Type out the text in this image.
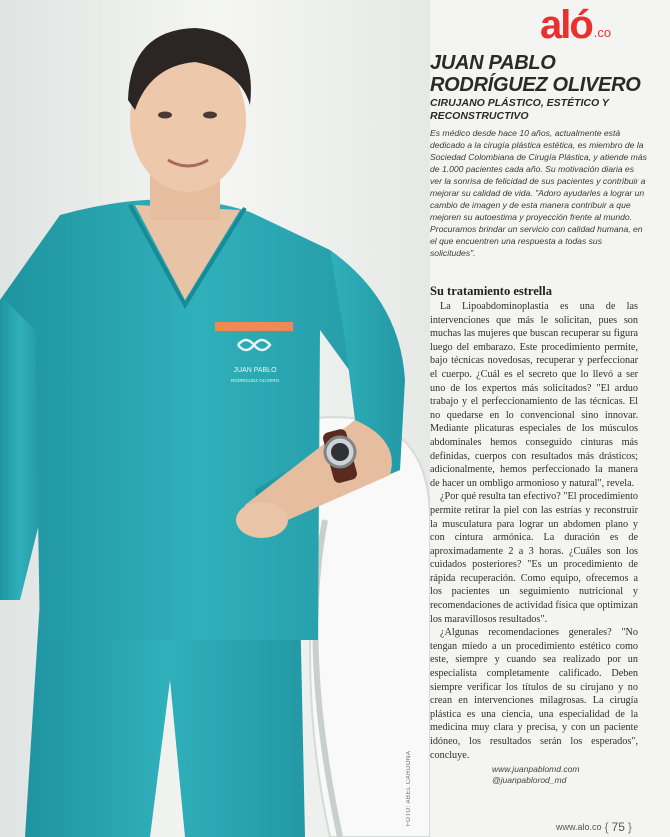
JUAN PABLO
RODRÍGUEZ OLIVERO
FOTO: ABEL CARDONA
aló .co
JUAN PABLO RODRÍGUEZ OLIVERO
CIRUJANO PLÁSTICO, ESTÉTICO Y RECONSTRUCTIVO
Es médico desde hace 10 años, actualmente está dedicado a la cirugía plástica estética, es miembro de la Sociedad Colombiana de Cirugía Plástica, y atiende más de 1.000 pacientes cada año. Su motivación diaria es ver la sonrisa de felicidad de sus pacientes y contribuir a mejorar su calidad de vida. "Adoro ayudarles a lograr un cambio de imagen y de esta manera contribuir a que mejoren su autoestima y proyección frente al mundo. Procuramos brindar un servicio con calidad humana, en el que encuentren una respuesta a todas sus solicitudes".
Su tratamiento estrella

La Lipoabdominoplastia es una de las intervenciones que más le solicitan, pues son muchas las mujeres que buscan recuperar su figura luego del embarazo. Este procedimiento permite, bajo técnicas novedosas, recuperar y perfeccionar el cuerpo. ¿Cuál es el secreto que lo llevó a ser uno de los expertos más solicitados? "El arduo trabajo y el perfeccionamiento de las técnicas. El no quedarse en lo convencional sino innovar. Mediante plicaturas especiales de los músculos abdominales hemos conseguido cinturas más definidas, cuerpos con resultados más drásticos; adicionalmente, hemos perfeccionado la manera de hacer un ombligo armonioso y natural", revela.

¿Por qué resulta tan efectivo? "El procedimiento permite retirar la piel con las estrías y reconstruir la musculatura para lograr un abdomen plano y con cintura armónica. La duración es de aproximadamente 2 a 3 horas. ¿Cuáles son los cuidados posteriores? "Es un procedimiento de rápida recuperación. Como equipo, ofrecemos a los pacientes un seguimiento nutricional y recomendaciones de actividad física que optimizan los maravillosos resultados".

¿Algunas recomendaciones generales? "No tengan miedo a un procedimiento estético como este, siempre y cuando sea realizado por un especialista completamente calificado. Deben siempre verificar los títulos de su cirujano y no crean en intervenciones milagrosas. La cirugía plástica es una ciencia, una especialidad de la medicina muy clara y precisa, y con un paciente idóneo, los resultados serán los esperados", concluye.

www.juanpablomd.com
@juanpablorod_md
www.alo.co { 75 }
